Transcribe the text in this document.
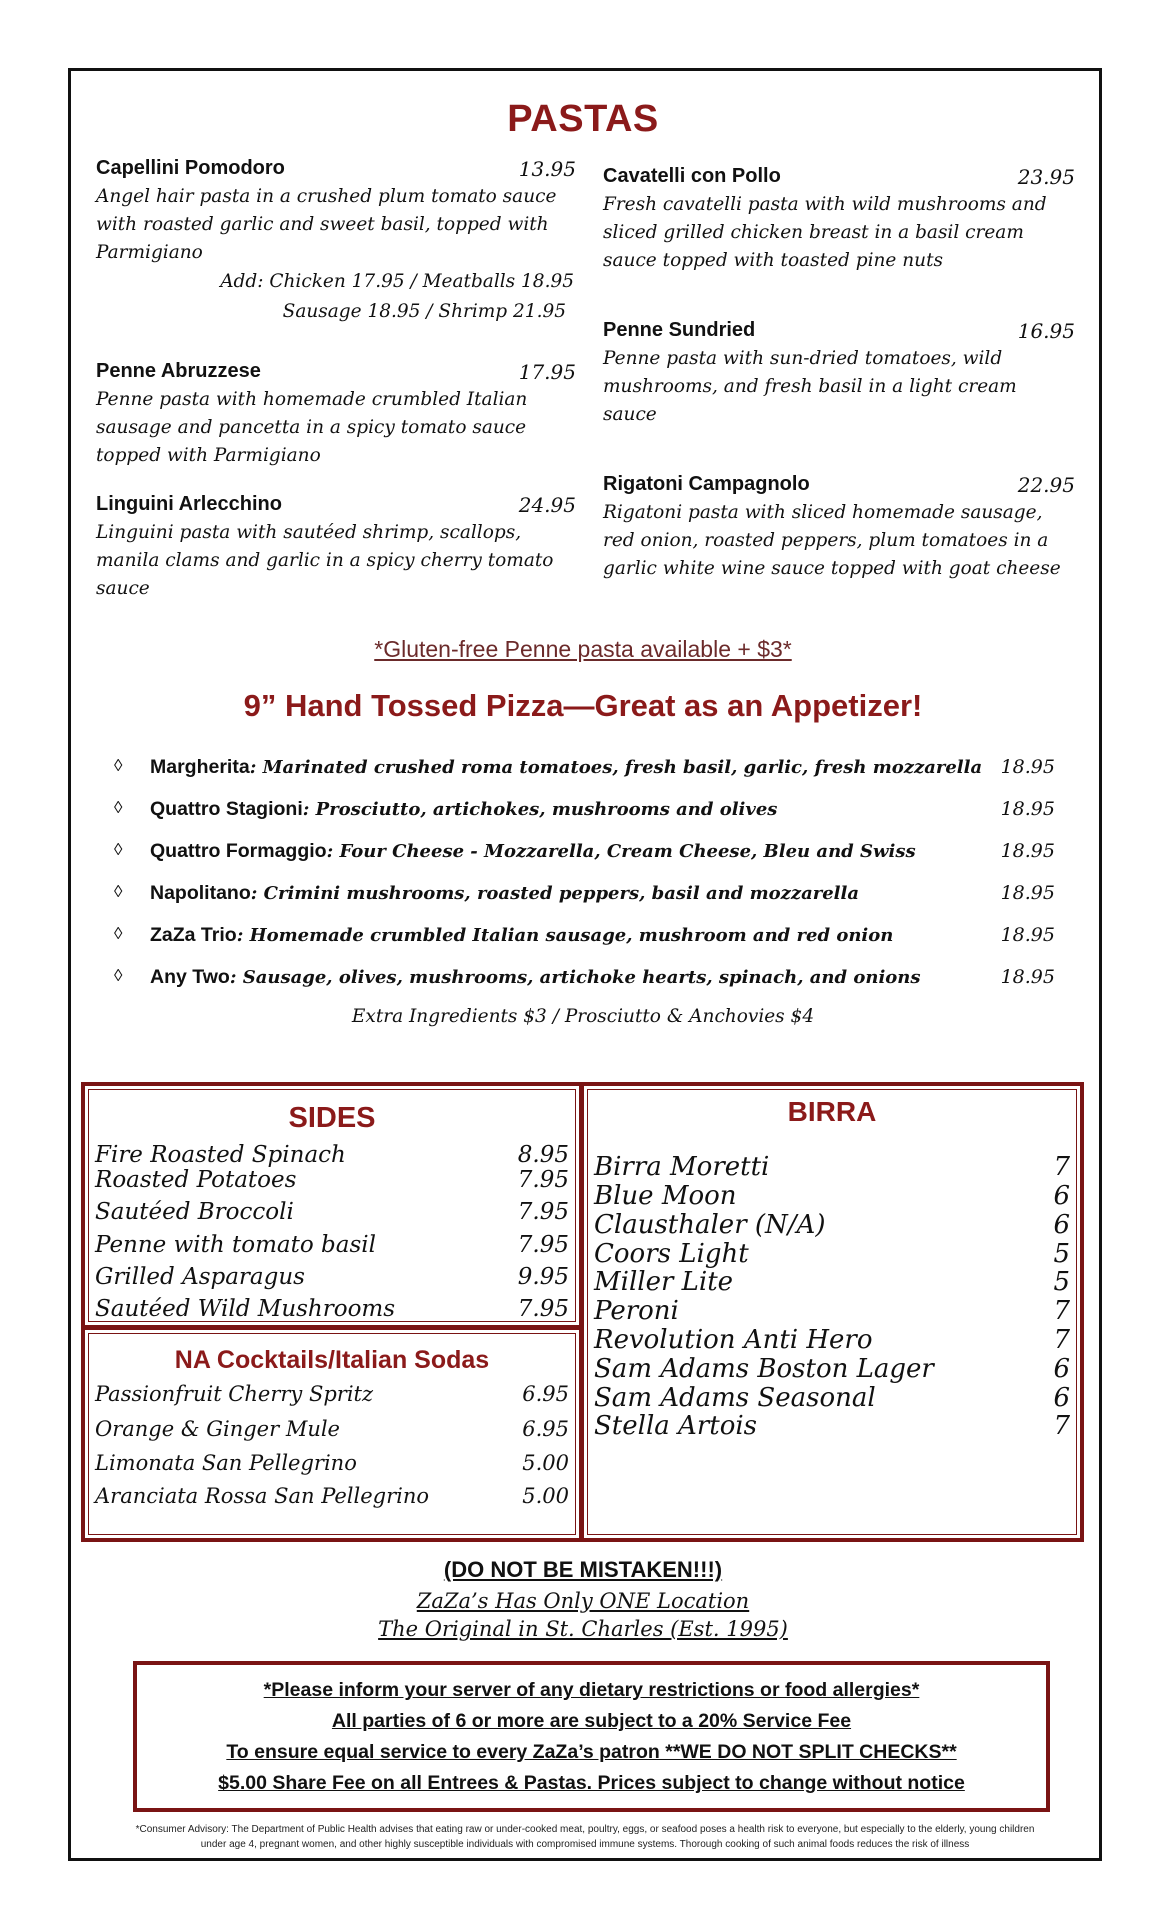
PASTAS
Capellini Pomodoro	13.95
Angel hair pasta in a crushed plum tomato sauce with roasted garlic and sweet basil, topped with Parmigiano
Add: Chicken 17.95 / Meatballs 18.95
Sausage 18.95 / Shrimp 21.95
Penne Abruzzese	17.95
Penne pasta with homemade crumbled Italian sausage and pancetta in a spicy tomato sauce topped with Parmigiano
Linguini Arlecchino	24.95
Linguini pasta with sautéed shrimp, scallops, manila clams and garlic in a spicy cherry tomato sauce
Cavatelli con Pollo	23.95
Fresh cavatelli pasta with wild mushrooms and sliced grilled chicken breast in a basil cream sauce topped with toasted pine nuts
Penne Sundried	16.95
Penne pasta with sun-dried tomatoes, wild mushrooms, and fresh basil in a light cream sauce
Rigatoni Campagnolo	22.95
Rigatoni pasta with sliced homemade sausage, red onion, roasted peppers, plum tomatoes in a garlic white wine sauce topped with goat cheese
*Gluten-free Penne pasta available + $3*
9” Hand Tossed Pizza—Great as an Appetizer!
◊ Margherita: Marinated crushed roma tomatoes, fresh basil, garlic, fresh mozzarella 18.95
◊ Quattro Stagioni: Prosciutto, artichokes, mushrooms and olives	18.95
◊ Quattro Formaggio: Four Cheese - Mozzarella, Cream Cheese, Bleu and Swiss	18.95
◊ Napolitano: Crimini mushrooms, roasted peppers, basil and mozzarella	18.95
◊ ZaZa Trio: Homemade crumbled Italian sausage, mushroom and red onion	18.95
◊ Any Two: Sausage, olives, mushrooms, artichoke hearts, spinach, and onions	18.95
Extra Ingredients $3 / Prosciutto & Anchovies $4
SIDES
Fire Roasted Spinach	8.95
Roasted Potatoes	7.95
Sautéed Broccoli	7.95
Penne with tomato basil	7.95
Grilled Asparagus	9.95
Sautéed Wild Mushrooms	7.95
NA Cocktails/Italian Sodas
Passionfruit Cherry Spritz	6.95
Orange & Ginger Mule	6.95
Limonata San Pellegrino	5.00
Aranciata Rossa San Pellegrino	5.00
BIRRA
Birra Moretti	7
Blue Moon	6
Clausthaler (N/A)	6
Coors Light	5
Miller Lite	5
Peroni	7
Revolution Anti Hero	7
Sam Adams Boston Lager	6
Sam Adams Seasonal	6
Stella Artois	7
(DO NOT BE MISTAKEN!!!)
ZaZa’s Has Only ONE Location
The Original in St. Charles (Est. 1995)
*Please inform your server of any dietary restrictions or food allergies*
All parties of 6 or more are subject to a 20% Service Fee
To ensure equal service to every ZaZa’s patron **WE DO NOT SPLIT CHECKS**
$5.00 Share Fee on all Entrees & Pastas. Prices subject to change without notice
*Consumer Advisory: The Department of Public Health advises that eating raw or under-cooked meat, poultry, eggs, or seafood poses a health risk to everyone, but especially to the elderly, young children
under age 4, pregnant women, and other highly susceptible individuals with compromised immune systems. Thorough cooking of such animal foods reduces the risk of illness
